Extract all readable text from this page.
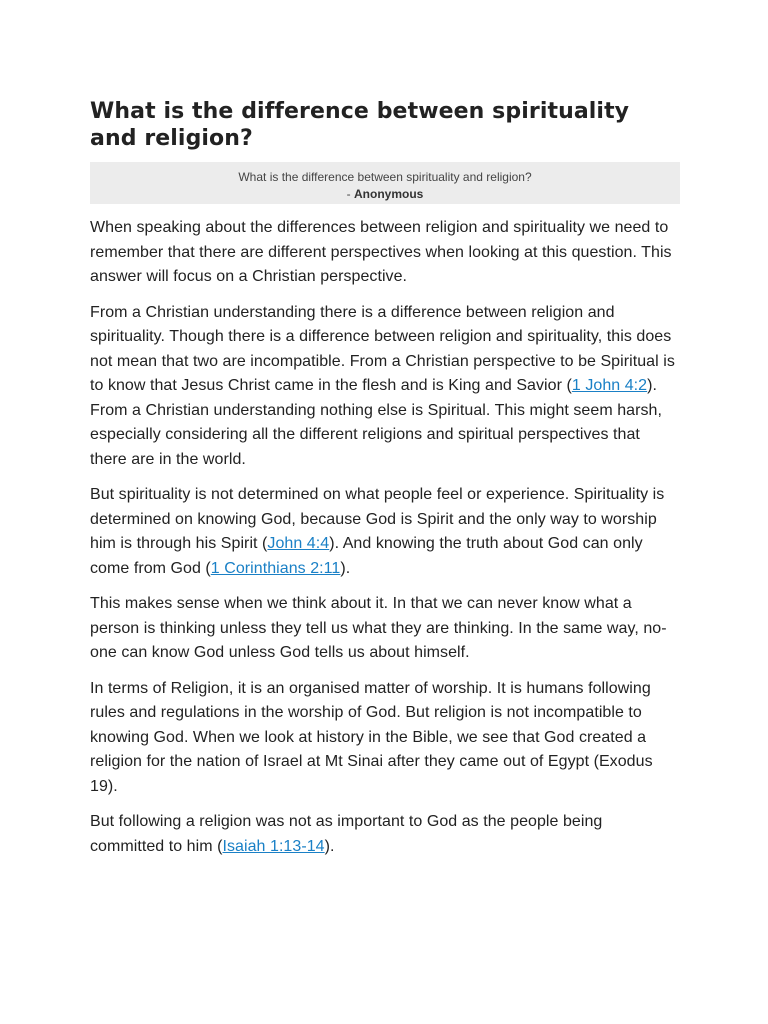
What is the difference between spirituality and religion?
What is the difference between spirituality and religion?
- Anonymous

When speaking about the differences between religion and spirituality we need to remember that there are different perspectives when looking at this question. This answer will focus on a Christian perspective.

From a Christian understanding there is a difference between religion and spirituality. Though there is a difference between religion and spirituality, this does not mean that two are incompatible. From a Christian perspective to be Spiritual is to know that Jesus Christ came in the flesh and is King and Savior (1 John 4:2). From a Christian understanding nothing else is Spiritual. This might seem harsh, especially considering all the different religions and spiritual perspectives that there are in the world.

But spirituality is not determined on what people feel or experience. Spirituality is determined on knowing God, because God is Spirit and the only way to worship him is through his Spirit (John 4:4). And knowing the truth about God can only come from God (1 Corinthians 2:11).

This makes sense when we think about it. In that we can never know what a person is thinking unless they tell us what they are thinking. In the same way, no-one can know God unless God tells us about himself.

In terms of Religion, it is an organised matter of worship. It is humans following rules and regulations in the worship of God. But religion is not incompatible to knowing God. When we look at history in the Bible, we see that God created a religion for the nation of Israel at Mt Sinai after they came out of Egypt (Exodus 19).

But following a religion was not as important to God as the people being committed to him (Isaiah 1:13-14).
